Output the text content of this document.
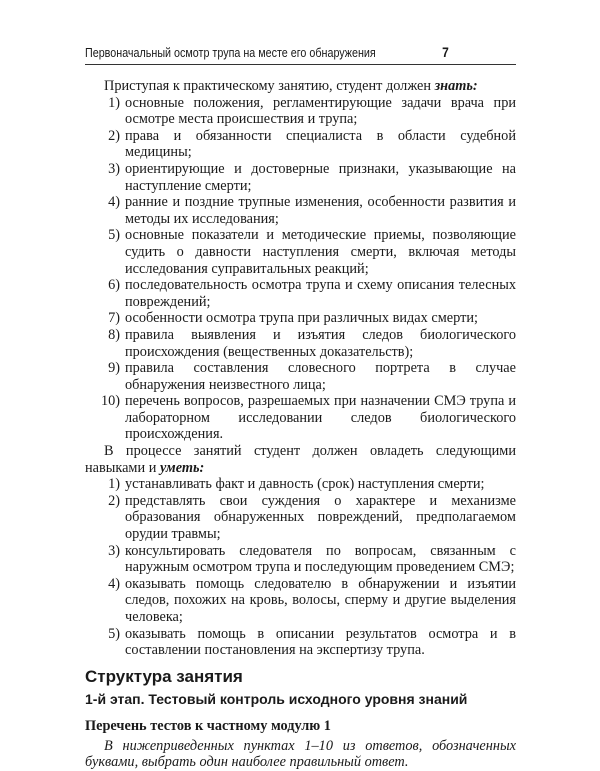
Первоначальный осмотр трупа на месте его обнаружения	7

Приступая к практическому занятию, студент должен знать:

1) основные положения, регламентирующие задачи врача при осмотре места происшествия и трупа;
2) права и обязанности специалиста в области судебной медицины;
3) ориентирующие и достоверные признаки, указывающие на наступление смерти;
4) ранние и поздние трупные изменения, особенности развития и методы их исследования;
5) основные показатели и методические приемы, позволяющие судить о давности наступления смерти, включая методы исследования суправитальных реакций;
6) последовательность осмотра трупа и схему описания телесных повреждений;
7) особенности осмотра трупа при различных видах смерти;
8) правила выявления и изъятия следов биологического происхождения (вещественных доказательств);
9) правила составления словесного портрета в случае обнаружения неизвестного лица;
10) перечень вопросов, разрешаемых при назначении СМЭ трупа и лабораторном исследовании следов биологического происхождения.

В процессе занятий студент должен овладеть следующими навыками и уметь:

1) устанавливать факт и давность (срок) наступления смерти;
2) представлять свои суждения о характере и механизме образования обнаруженных повреждений, предполагаемом орудии травмы;
3) консультировать следователя по вопросам, связанным с наружным осмотром трупа и последующим проведением СМЭ;
4) оказывать помощь следователю в обнаружении и изъятии следов, похожих на кровь, волосы, сперму и другие выделения человека;
5) оказывать помощь в описании результатов осмотра и в составлении постановления на экспертизу трупа.
Структура занятия
1-й этап. Тестовый контроль исходного уровня знаний
Перечень тестов к частному модулю 1

В нижеприведенных пунктах 1–10 из ответов, обозначенных буквами, выбрать один наиболее правильный ответ.
